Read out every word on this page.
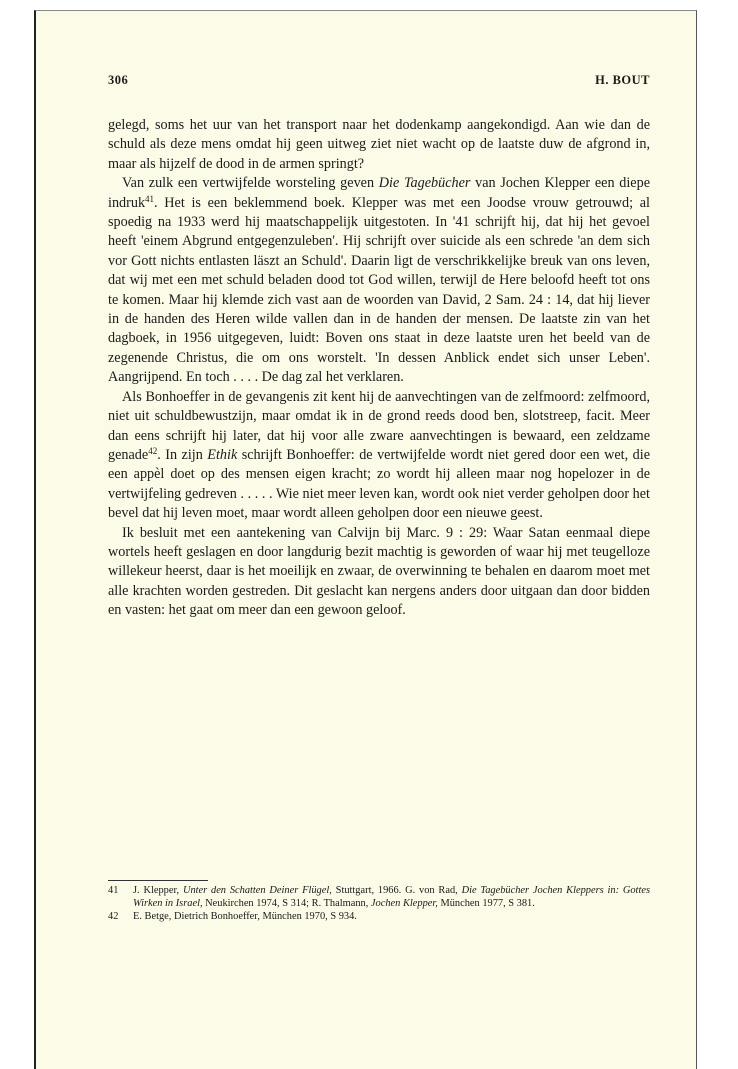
306	H. BOUT

gelegd, soms het uur van het transport naar het dodenkamp aangekondigd. Aan wie dan de schuld als deze mens omdat hij geen uitweg ziet niet wacht op de laatste duw de afgrond in, maar als hijzelf de dood in de armen springt?

Van zulk een vertwijfelde worsteling geven Die Tagebücher van Jochen Klepper een diepe indruk$^{41}$. Het is een beklemmend boek. Klepper was met een Joodse vrouw getrouwd; al spoedig na 1933 werd hij maatschappelijk uitgestoten. In '41 schrijft hij, dat hij het gevoel heeft 'einem Abgrund entgegenzuleben'. Hij schrijft over suicide als een schrede 'an dem sich vor Gott nichts entlasten läszt an Schuld'. Daarin ligt de verschrikkelijke breuk van ons leven, dat wij met een met schuld beladen dood tot God willen, terwijl de Here beloofd heeft tot ons te komen. Maar hij klemde zich vast aan de woorden van David, 2 Sam. 24 : 14, dat hij liever in de handen des Heren wilde vallen dan in de handen der mensen. De laatste zin van het dagboek, in 1956 uitgegeven, luidt: Boven ons staat in deze laatste uren het beeld van de zegenende Christus, die om ons worstelt. 'In dessen Anblick endet sich unser Leben'. Aangrijpend. En toch . . . . De dag zal het verklaren.

Als Bonhoeffer in de gevangenis zit kent hij de aanvechtingen van de zelfmoord: zelfmoord, niet uit schuldbewustzijn, maar omdat ik in de grond reeds dood ben, slotstreep, facit. Meer dan eens schrijft hij later, dat hij voor alle zware aanvechtingen is bewaard, een zeldzame genade$^{42}$. In zijn Ethik schrijft Bonhoeffer: de vertwijfelde wordt niet gered door een wet, die een appèl doet op des mensen eigen kracht; zo wordt hij alleen maar nog hopelozer in de vertwijfeling gedreven . . . . . Wie niet meer leven kan, wordt ook niet verder geholpen door het bevel dat hij leven moet, maar wordt alleen geholpen door een nieuwe geest.

Ik besluit met een aantekening van Calvijn bij Marc. 9 : 29: Waar Satan eenmaal diepe wortels heeft geslagen en door langdurig bezit machtig is geworden of waar hij met teugelloze willekeur heerst, daar is het moeilijk en zwaar, de overwinning te behalen en daarom moet met alle krachten worden gestreden. Dit geslacht kan nergens anders door uitgaan dan door bidden en vasten: het gaat om meer dan een gewoon geloof.

41 J. Klepper, Unter den Schatten Deiner Flügel, Stuttgart, 1966. G. von Rad, Die Tagebücher Jochen Kleppers in: Gottes Wirken in Israel, Neukirchen 1974, S 314; R. Thalmann, Jochen Klepper, München 1977, S 381.
42 E. Betge, Dietrich Bonhoeffer, München 1970, S 934.
